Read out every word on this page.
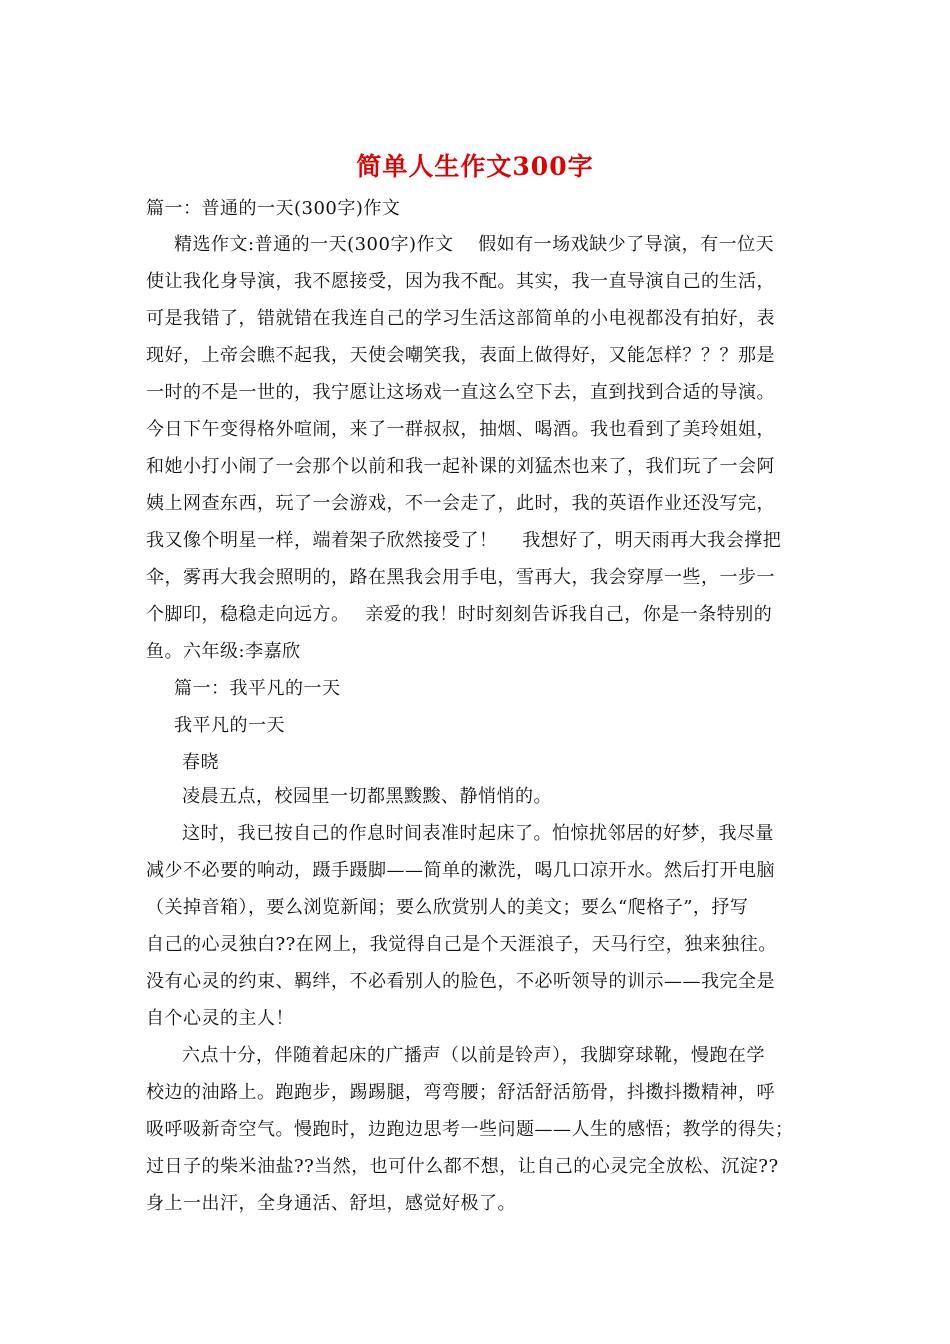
简单人生作文300字
篇一：普通的一天(300字)作文
精选作文:普通的一天(300字)作文　 假如有一场戏缺少了导演，有一位天
使让我化身导演，我不愿接受，因为我不配。其实，我一直导演自己的生活，
可是我错了，错就错在我连自己的学习生活这部简单的小电视都没有拍好，表
现好，上帝会瞧不起我，天使会嘲笑我，表面上做得好，又能怎样？？？那是
一时的不是一世的，我宁愿让这场戏一直这么空下去，直到找到合适的导演。
今日下午变得格外喧闹，来了一群叔叔，抽烟、喝酒。我也看到了美玲姐姐，
和她小打小闹了一会那个以前和我一起补课的刘猛杰也来了，我们玩了一会阿
姨上网查东西，玩了一会游戏，不一会走了，此时，我的英语作业还没写完，
我又像个明星一样，端着架子欣然接受了！　 我想好了，明天雨再大我会撑把
伞，雾再大我会照明的，路在黑我会用手电，雪再大，我会穿厚一些，一步一
个脚印，稳稳走向远方。　 亲爱的我！时时刻刻告诉我自己，你是一条特别的
鱼。六年级:李嘉欣
篇一：我平凡的一天
我平凡的一天
春晓
凌晨五点，校园里一切都黑黢黢、静悄悄的。
这时，我已按自己的作息时间表准时起床了。怕惊扰邻居的好梦，我尽量
减少不必要的响动，蹑手蹑脚——简单的漱洗，喝几口凉开水。然后打开电脑
（关掉音箱），要么浏览新闻；要么欣赏别人的美文；要么“爬格子”，抒写
自己的心灵独白??在网上，我觉得自己是个天涯浪子，天马行空，独来独往。
没有心灵的约束、羁绊，不必看别人的脸色，不必听领导的训示——我完全是
自个心灵的主人！
六点十分，伴随着起床的广播声（以前是铃声），我脚穿球靴，慢跑在学
校边的油路上。跑跑步，踢踢腿，弯弯腰；舒活舒活筋骨，抖擞抖擞精神，呼
吸呼吸新奇空气。慢跑时，边跑边思考一些问题——人生的感悟；教学的得失；
过日子的柴米油盐??当然，也可什么都不想，让自己的心灵完全放松、沉淀??
身上一出汗，全身通活、舒坦，感觉好极了。
